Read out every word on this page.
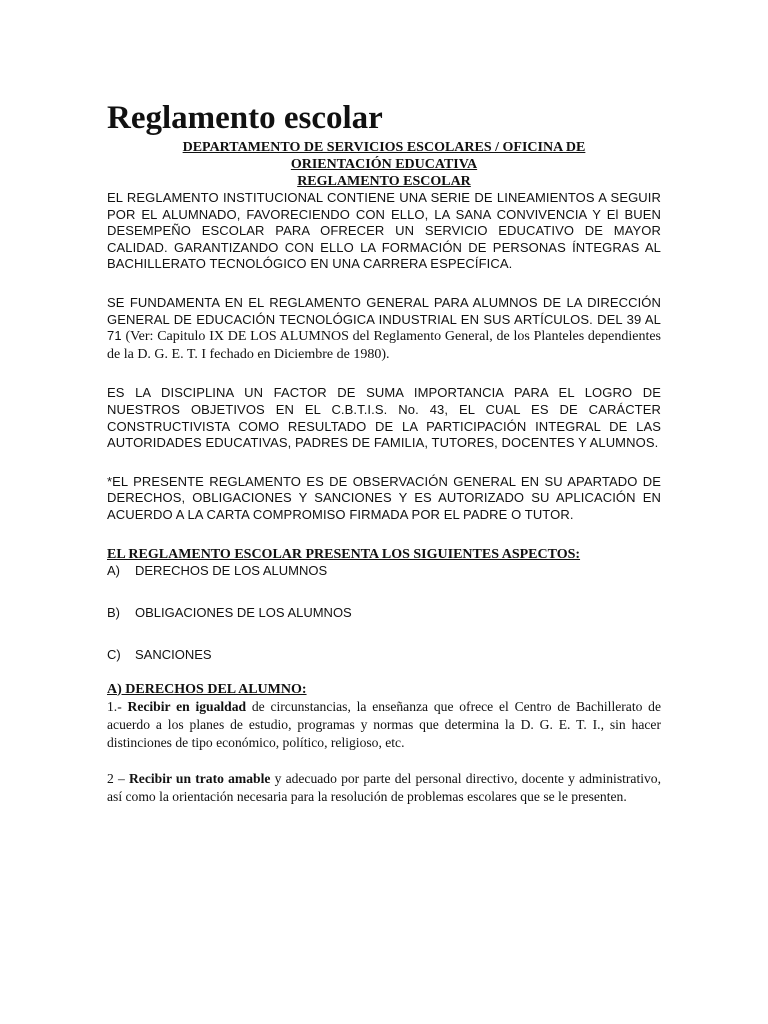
Reglamento escolar
DEPARTAMENTO DE SERVICIOS ESCOLARES / OFICINA DE
ORIENTACIÓN EDUCATIVA
REGLAMENTO ESCOLAR

EL REGLAMENTO INSTITUCIONAL CONTIENE UNA SERIE DE LINEAMIENTOS A SEGUIR POR EL ALUMNADO, FAVORECIENDO CON ELLO, LA SANA CONVIVENCIA Y El BUEN DESEMPEÑO ESCOLAR PARA OFRECER UN SERVICIO EDUCATIVO DE MAYOR CALIDAD. GARANTIZANDO CON ELLO LA FORMACIÓN DE PERSONAS ÍNTEGRAS AL BACHILLERATO TECNOLÓGICO EN UNA CARRERA ESPECÍFICA.

SE FUNDAMENTA EN EL REGLAMENTO GENERAL PARA ALUMNOS DE LA DIRECCIÓN GENERAL DE EDUCACIÓN TECNOLÓGICA INDUSTRIAL EN SUS ARTÍCULOS. DEL 39 AL 71 (Ver: Capitulo IX DE LOS ALUMNOS del Reglamento General, de los Planteles dependientes de la D. G. E. T. I fechado en Diciembre de 1980).

ES LA DISCIPLINA UN FACTOR DE SUMA IMPORTANCIA PARA EL LOGRO DE NUESTROS OBJETIVOS EN EL C.B.T.I.S. No. 43, EL CUAL ES DE CARÁCTER CONSTRUCTIVISTA COMO RESULTADO DE LA PARTICIPACIÓN INTEGRAL DE LAS AUTORIDADES EDUCATIVAS, PADRES DE FAMILIA, TUTORES, DOCENTES Y ALUMNOS.

*EL PRESENTE REGLAMENTO ES DE OBSERVACIÓN GENERAL EN SU APARTADO DE DERECHOS, OBLIGACIONES Y SANCIONES Y ES AUTORIZADO SU APLICACIÓN EN ACUERDO A LA CARTA COMPROMISO FIRMADA POR EL PADRE O TUTOR.

EL REGLAMENTO ESCOLAR PRESENTA LOS SIGUIENTES ASPECTOS:

A)	DERECHOS DE LOS ALUMNOS
B)	OBLIGACIONES DE LOS ALUMNOS
C)	SANCIONES

A) DERECHOS DEL ALUMNO:

1.- Recibir en igualdad de circunstancias, la enseñanza que ofrece el Centro de Bachillerato de acuerdo a los planes de estudio, programas y normas que determina la D. G. E. T. I., sin hacer distinciones de tipo económico, político, religioso, etc.

2 – Recibir un trato amable y adecuado por parte del personal directivo, docente y administrativo, así como la orientación necesaria para la resolución de problemas escolares que se le presenten.
